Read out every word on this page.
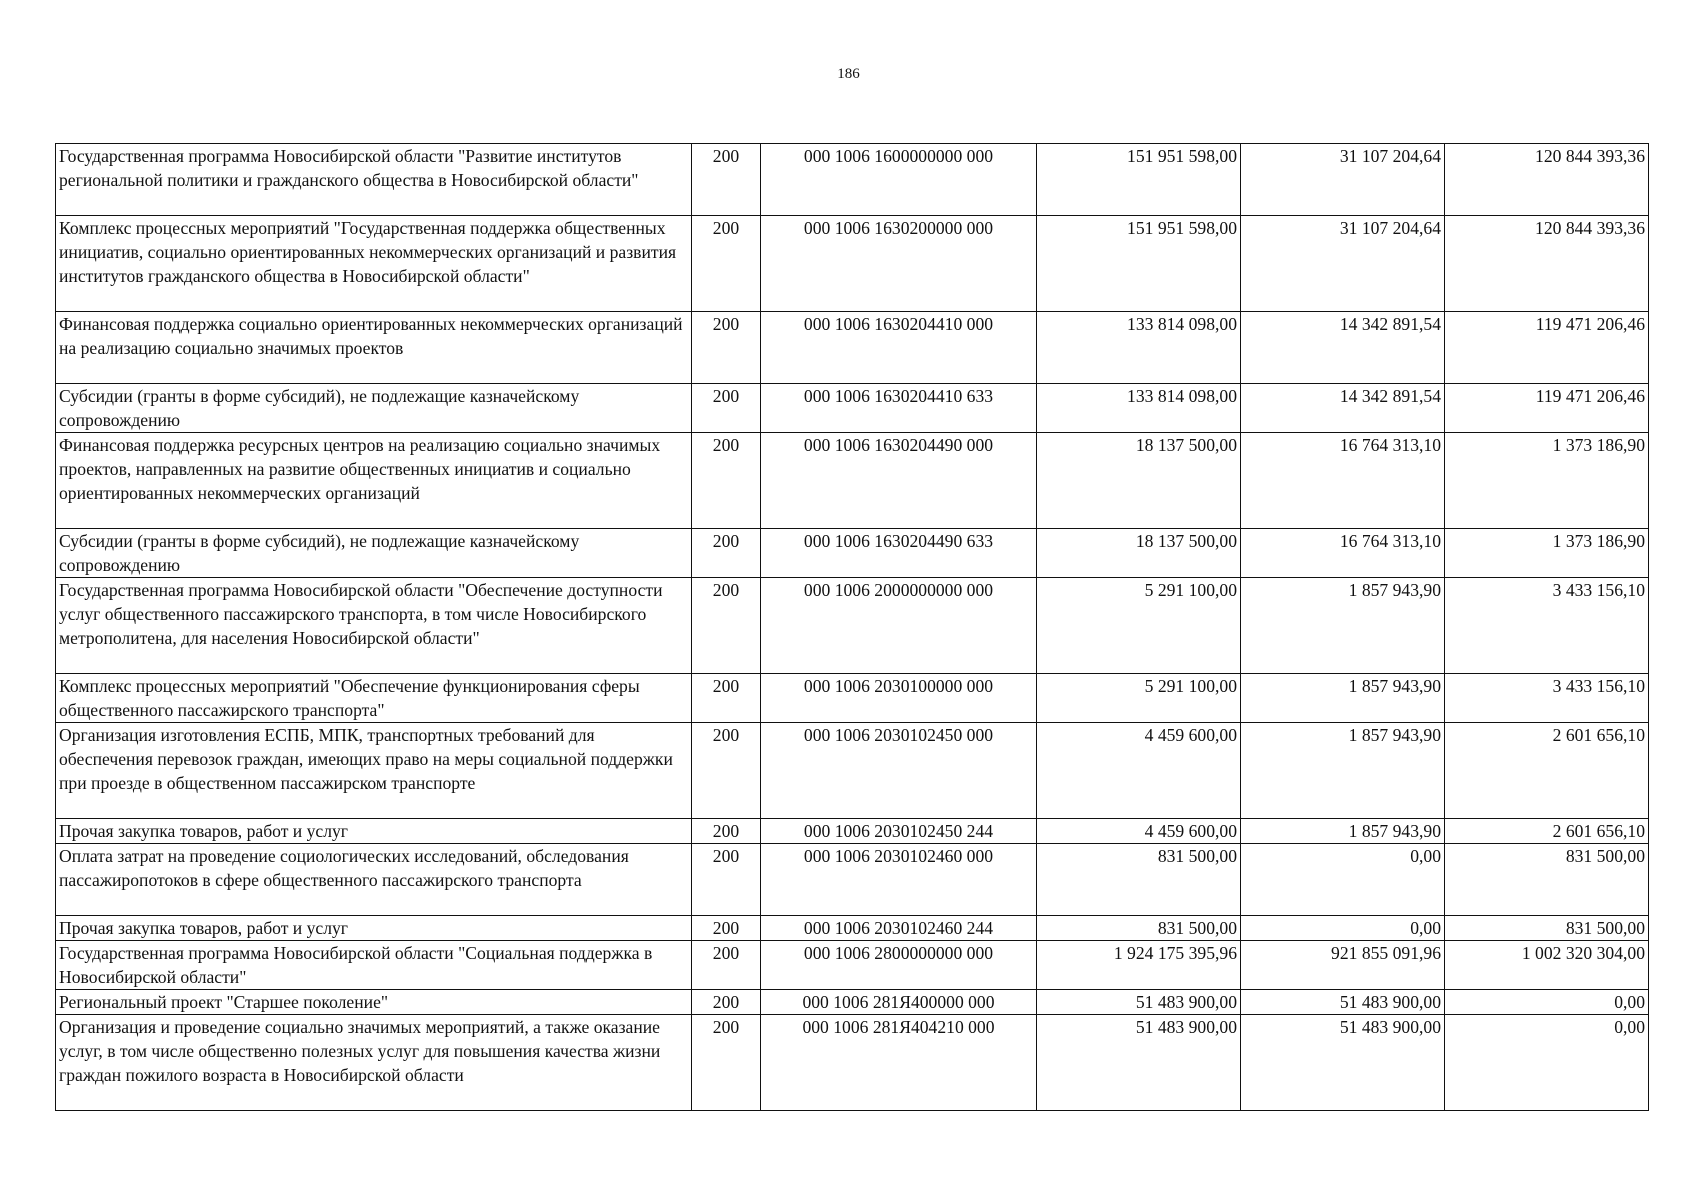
186
Государственная программа Новосибирской области "Развитие институтов региональной политики и гражданского общества в Новосибирской области"	200	000 1006 1600000000 000	151 951 598,00	31 107 204,64	120 844 393,36
Комплекс процессных мероприятий "Государственная поддержка общественных инициатив, социально ориентированных некоммерческих организаций и развития институтов гражданского общества в Новосибирской области"	200	000 1006 1630200000 000	151 951 598,00	31 107 204,64	120 844 393,36
Финансовая поддержка социально ориентированных некоммерческих организаций на реализацию социально значимых проектов	200	000 1006 1630204410 000	133 814 098,00	14 342 891,54	119 471 206,46
Субсидии (гранты в форме субсидий), не подлежащие казначейскому сопровождению	200	000 1006 1630204410 633	133 814 098,00	14 342 891,54	119 471 206,46
Финансовая поддержка ресурсных центров на реализацию социально значимых проектов, направленных на развитие общественных инициатив и социально ориентированных некоммерческих организаций	200	000 1006 1630204490 000	18 137 500,00	16 764 313,10	1 373 186,90
Субсидии (гранты в форме субсидий), не подлежащие казначейскому сопровождению	200	000 1006 1630204490 633	18 137 500,00	16 764 313,10	1 373 186,90
Государственная программа Новосибирской области "Обеспечение доступности услуг общественного пассажирского транспорта, в том числе Новосибирского метрополитена, для населения Новосибирской области"	200	000 1006 2000000000 000	5 291 100,00	1 857 943,90	3 433 156,10
Комплекс процессных мероприятий "Обеспечение функционирования сферы общественного пассажирского транспорта"	200	000 1006 2030100000 000	5 291 100,00	1 857 943,90	3 433 156,10
Организация изготовления ЕСПБ, МПК, транспортных требований для обеспечения перевозок граждан, имеющих право на меры социальной поддержки при проезде в общественном пассажирском транспорте	200	000 1006 2030102450 000	4 459 600,00	1 857 943,90	2 601 656,10
Прочая закупка товаров, работ и услуг	200	000 1006 2030102450 244	4 459 600,00	1 857 943,90	2 601 656,10
Оплата затрат на проведение социологических исследований, обследования пассажиропотоков в сфере общественного пассажирского транспорта	200	000 1006 2030102460 000	831 500,00	0,00	831 500,00
Прочая закупка товаров, работ и услуг	200	000 1006 2030102460 244	831 500,00	0,00	831 500,00
Государственная программа Новосибирской области "Социальная поддержка в Новосибирской области"	200	000 1006 2800000000 000	1 924 175 395,96	921 855 091,96	1 002 320 304,00
Региональный проект "Старшее поколение"	200	000 1006 281Я400000 000	51 483 900,00	51 483 900,00	0,00
Организация и проведение социально значимых мероприятий, а также оказание услуг, в том числе общественно полезных услуг для повышения качества жизни граждан пожилого возраста в Новосибирской области	200	000 1006 281Я404210 000	51 483 900,00	51 483 900,00	0,00
